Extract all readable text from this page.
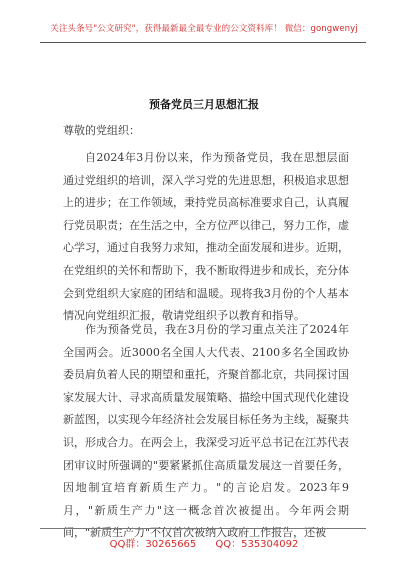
关注头条号"公文研究"，获得最新最全最专业的公文资料库！ 微信：gongwenyj
预备党员三月思想汇报
尊敬的党组织：
自2024年3月份以来，作为预备党员，我在思想层面通过党组织的培训，深入学习党的先进思想，积极追求思想上的进步；在工作领域，秉持党员高标准要求自己，认真履行党员职责；在生活之中，全方位严以律己，努力工作，虚心学习，通过自我努力求知，推动全面发展和进步。近期，在党组织的关怀和帮助下，我不断取得进步和成长，充分体会到党组织大家庭的团结和温暖。现将我3月份的个人基本情况向党组织汇报，敬请党组织予以教育和指导。
作为预备党员，我在3月份的学习重点关注了2024年全国两会。近3000名全国人大代表、2100多名全国政协委员肩负着人民的期望和重托，齐聚首都北京，共同探讨国家发展大计、寻求高质量发展策略、描绘中国式现代化建设新蓝图，以实现今年经济社会发展目标任务为主线，凝聚共识，形成合力。在两会上，我深受习近平总书记在江苏代表团审议时所强调的"要紧紧抓住高质量发展这一首要任务，因地制宜培育新质生产力。"的言论启发。2023年9月，"新质生产力"这一概念首次被提出。今年两会期间，"新质生产力"不仅首次被纳入政府工作报告，还被
QQ群：30265665      QQ：535304092
